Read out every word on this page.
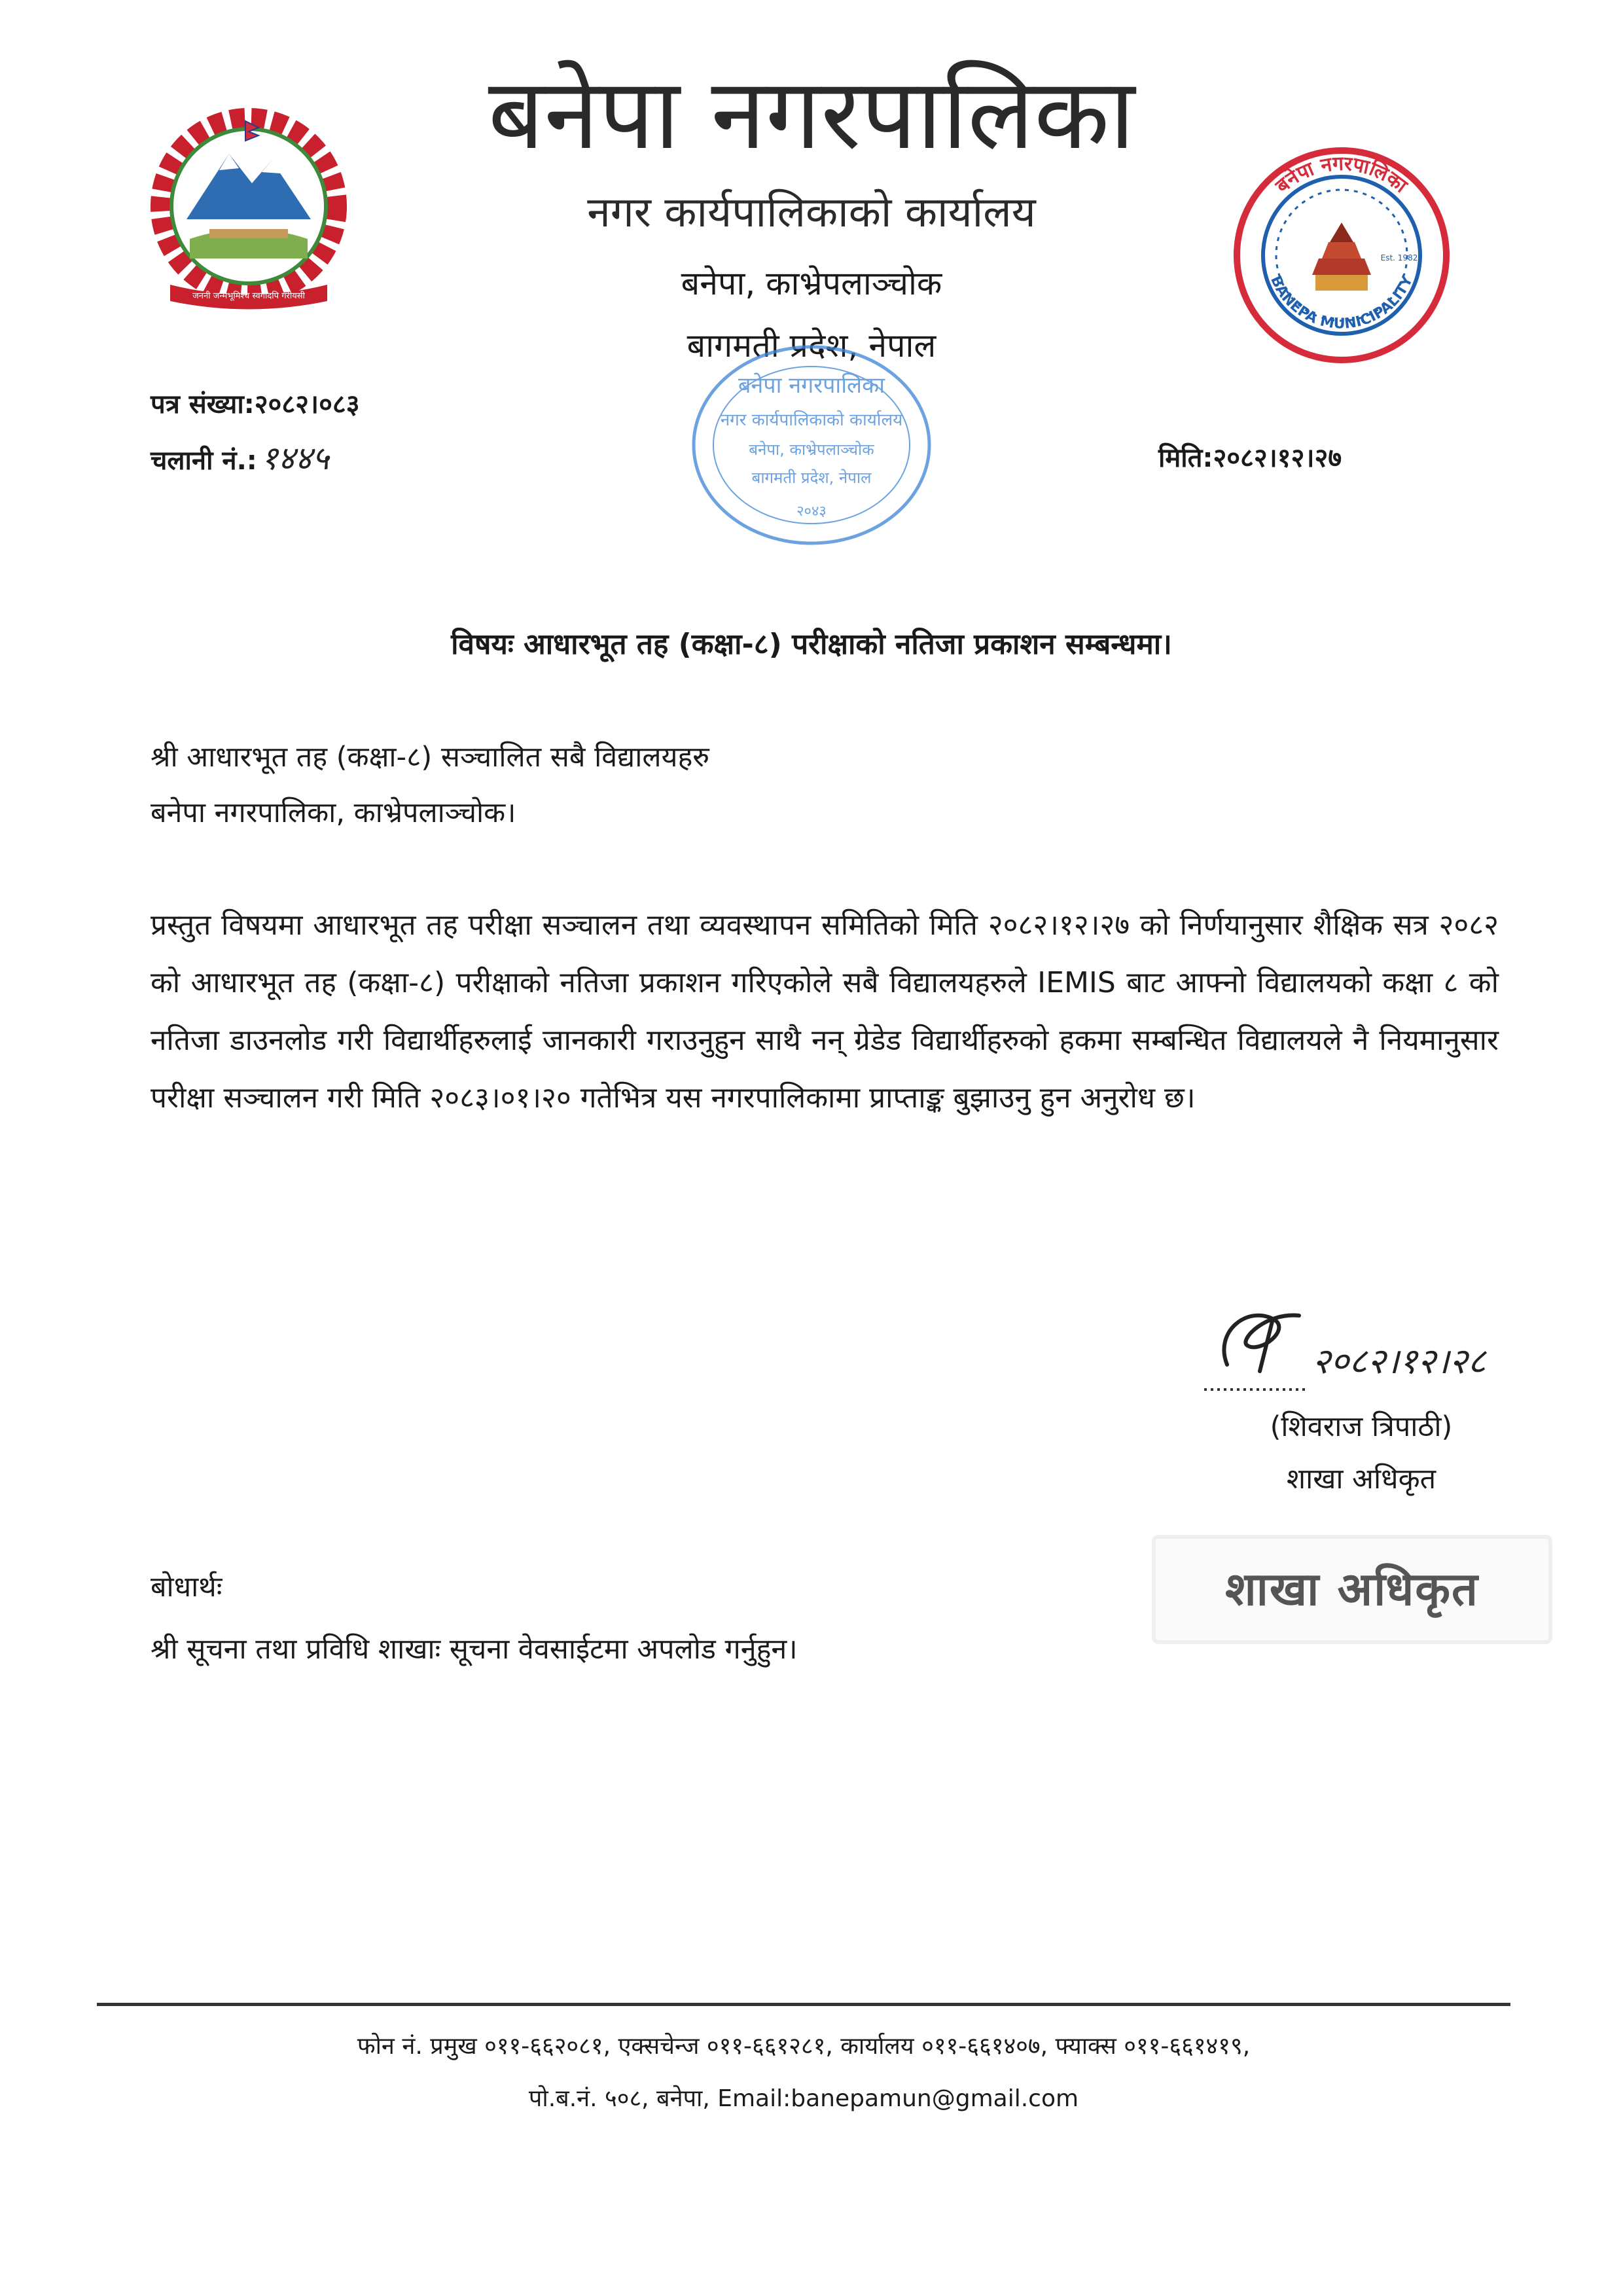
जननी जन्मभूमिश्च स्वर्गादपि गरीयसी
बनेपा नगरपालिका
नगर कार्यपालिकाको कार्यालय
बनेपा, काभ्रेपलाञ्चोक
बागमती प्रदेश, नेपाल
बनेपा नगरपालिका
BANEPA MUNICIPALITY
Est. 1982
बनेपा नगरपालिका
नगर कार्यपालिकाको कार्यालय
बनेपा, काभ्रेपलाञ्चोक
बागमती प्रदेश, नेपाल
२०४३
पत्र संख्या:२०८२।०८३
चलानी नं.: १४४५	मिति:२०८२।१२।२७
विषयः आधारभूत तह (कक्षा-८) परीक्षाको नतिजा प्रकाशन सम्बन्धमा।
श्री आधारभूत तह (कक्षा-८) सञ्चालित सबै विद्यालयहरु
बनेपा नगरपालिका, काभ्रेपलाञ्चोक।
प्रस्तुत विषयमा आधारभूत तह परीक्षा सञ्चालन तथा व्यवस्थापन समितिको मिति २०८२।१२।२७ को निर्णयानुसार शैक्षिक सत्र २०८२ को आधारभूत तह (कक्षा-८) परीक्षाको नतिजा प्रकाशन गरिएकोले सबै विद्यालयहरुले IEMIS बाट आफ्नो विद्यालयको कक्षा ८ को नतिजा डाउनलोड गरी विद्यार्थीहरुलाई जानकारी गराउनुहुन साथै नन् ग्रेडेड विद्यार्थीहरुको हकमा सम्बन्धित विद्यालयले नै नियमानुसार परीक्षा सञ्चालन गरी मिति २०८३।०१।२० गतेभित्र यस नगरपालिकामा प्राप्ताङ्क बुझाउनु हुन अनुरोध छ।
२०८२।१२।२८
(शिवराज त्रिपाठी)
शाखा अधिकृत
शाखा अधिकृत
बोधार्थः
श्री सूचना तथा प्रविधि शाखाः सूचना वेवसाईटमा अपलोड गर्नुहुन।
फोन नं. प्रमुख ०११-६६२०८१, एक्सचेन्ज ०११-६६१२८१, कार्यालय ०११-६६१४०७, फ्याक्स ०११-६६१४१९,
पो.ब.नं. ५०८, बनेपा, Email:banepamun@gmail.com
